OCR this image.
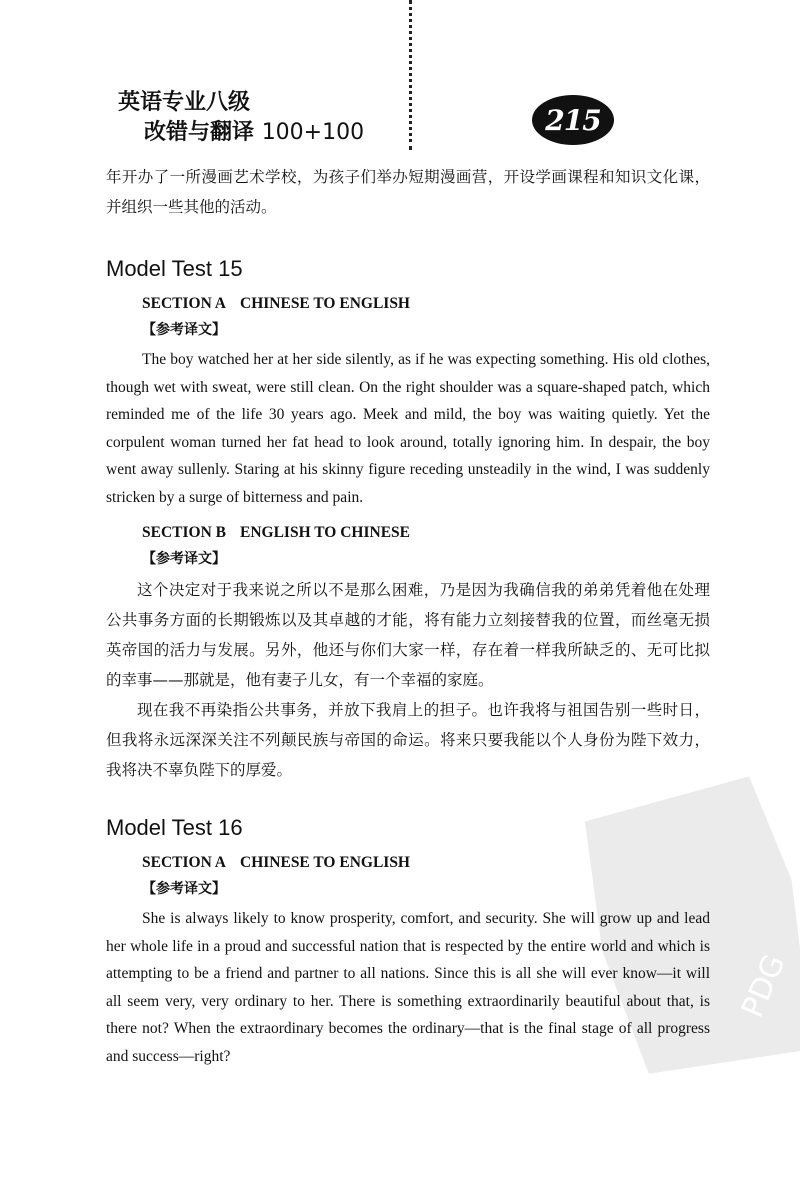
英语专业八级
改错与翻译 100+100	215
PDG

年开办了一所漫画艺术学校，为孩子们举办短期漫画营，开设学画课程和知识文化课，并组织一些其他的活动。

Model Test 15
SECTION A CHINESE TO ENGLISH
【参考译文】

The boy watched her at her side silently, as if he was expecting something. His old clothes, though wet with sweat, were still clean. On the right shoulder was a square-shaped patch, which reminded me of the life 30 years ago. Meek and mild, the boy was waiting quietly. Yet the corpulent woman turned her fat head to look around, totally ignoring him. In despair, the boy went away sullenly. Staring at his skinny figure receding unsteadily in the wind, I was suddenly stricken by a surge of bitterness and pain.

SECTION B ENGLISH TO CHINESE
【参考译文】

这个决定对于我来说之所以不是那么困难，乃是因为我确信我的弟弟凭着他在处理公共事务方面的长期锻炼以及其卓越的才能，将有能力立刻接替我的位置，而丝毫无损英帝国的活力与发展。另外，他还与你们大家一样，存在着一样我所缺乏的、无可比拟的幸事——那就是，他有妻子儿女，有一个幸福的家庭。

现在我不再染指公共事务，并放下我肩上的担子。也许我将与祖国告别一些时日，但我将永远深深关注不列颠民族与帝国的命运。将来只要我能以个人身份为陛下效力，我将决不辜负陛下的厚爱。

Model Test 16
SECTION A CHINESE TO ENGLISH
【参考译文】

She is always likely to know prosperity, comfort, and security. She will grow up and lead her whole life in a proud and successful nation that is respected by the entire world and which is attempting to be a friend and partner to all nations. Since this is all she will ever know—it will all seem very, very ordinary to her. There is something extraordinarily beautiful about that, is there not? When the extraordinary becomes the ordinary—that is the final stage of all progress and success—right?
